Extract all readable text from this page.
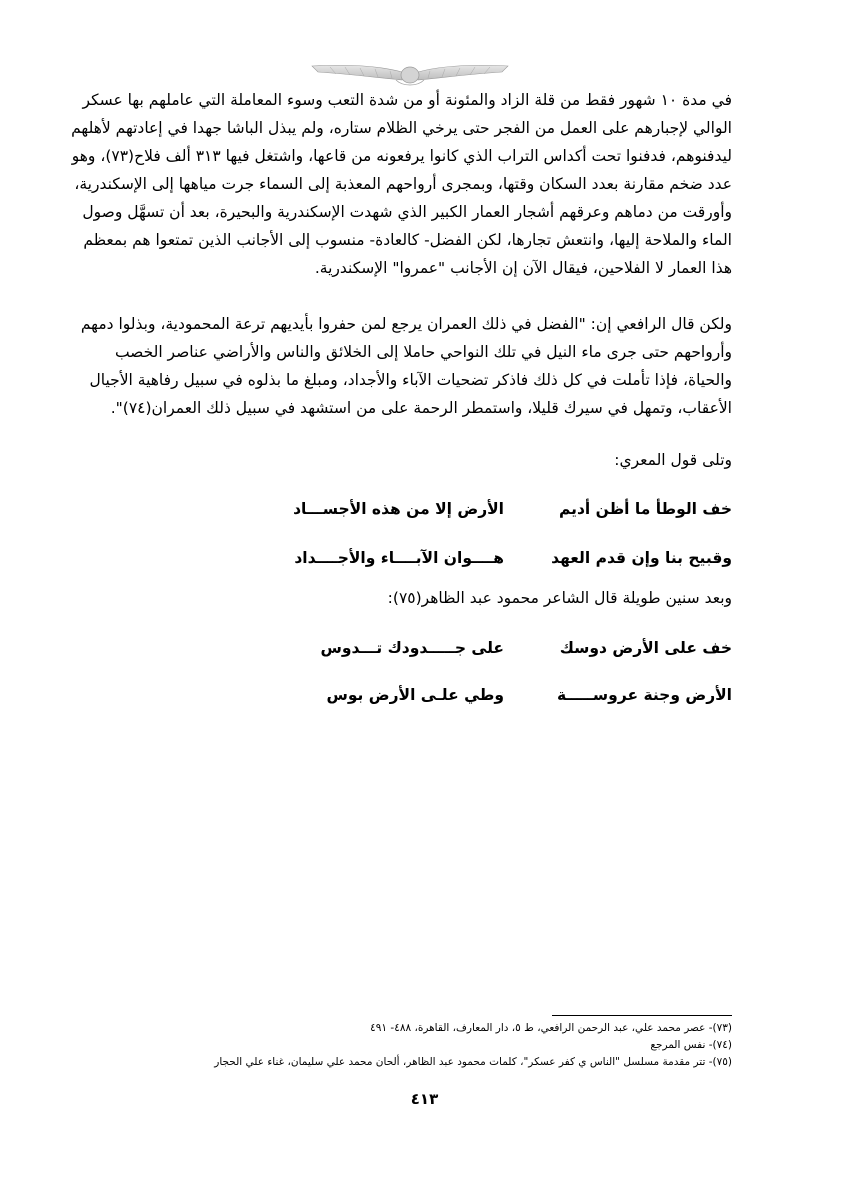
في مدة ١٠ شهور فقط من قلة الزاد والمئونة أو من شدة التعب وسوء المعاملة التي عاملهم بها عسكر
الوالي لإجبارهم على العمل من الفجر حتى يرخي الظلام ستاره، ولم يبذل الباشا جهدا في إعادتهم لأهلهم
ليدفنوهم، فدفنوا تحت أكداس التراب الذي كانوا يرفعونه من قاعها، واشتغل فيها ٣١٣ ألف فلاح(٧٣)، وهو
عدد ضخم مقارنة بعدد السكان وقتها، وبمجرى أرواحهم المعذبة إلى السماء جرت مياهها إلى الإسكندرية،
وأورقت من دماهم وعرقهم أشجار العمار الكبير الذي شهدت الإسكندرية والبحيرة، بعد أن تسهَّل وصول
الماء والملاحة إليها، وانتعش تجارها، لكن الفضل- كالعادة- منسوب إلى الأجانب الذين تمتعوا هم بمعظم
هذا العمار لا الفلاحين، فيقال الآن إن الأجانب "عمروا" الإسكندرية.
ولكن قال الرافعي إن: "الفضل في ذلك العمران يرجع لمن حفروا بأيديهم ترعة المحمودية، وبذلوا دمهم
وأرواحهم حتى جرى ماء النيل في تلك النواحي حاملا إلى الخلائق والناس والأراضي عناصر الخصب
والحياة، فإذا تأملت في كل ذلك فاذكر تضحيات الآباء والأجداد، ومبلغ ما بذلوه في سبيل رفاهية الأجيال
الأعقاب، وتمهل في سيرك قليلا، واستمطر الرحمة على من استشهد في سبيل ذلك العمران(٧٤)".
وتلى قول المعري:
خف الوطأ ما أظن أديم
الأرض إلا من هذه الأجســـاد
وقبيح بنا وإن قدم العهد
هــــوان الآبــــاء والأجــــداد
وبعد سنين طويلة قال الشاعر محمود عبد الظاهر(٧٥):
خف على الأرض دوسك
على جـــــدودك تـــدوس
الأرض وجنة عروســـــة
وطي علـى الأرض بوس
(٧٣)- عصر محمد علي، عبد الرحمن الرافعي، ط ٥، دار المعارف، القاهرة، ٤٨٨- ٤٩١
(٧٤)- نفس المرجع
(٧٥)- تتر مقدمة مسلسل "الناس ي كفر عسكر"، كلمات محمود عبد الظاهر، ألحان محمد علي سليمان، غناء علي الحجار
٤١٣
